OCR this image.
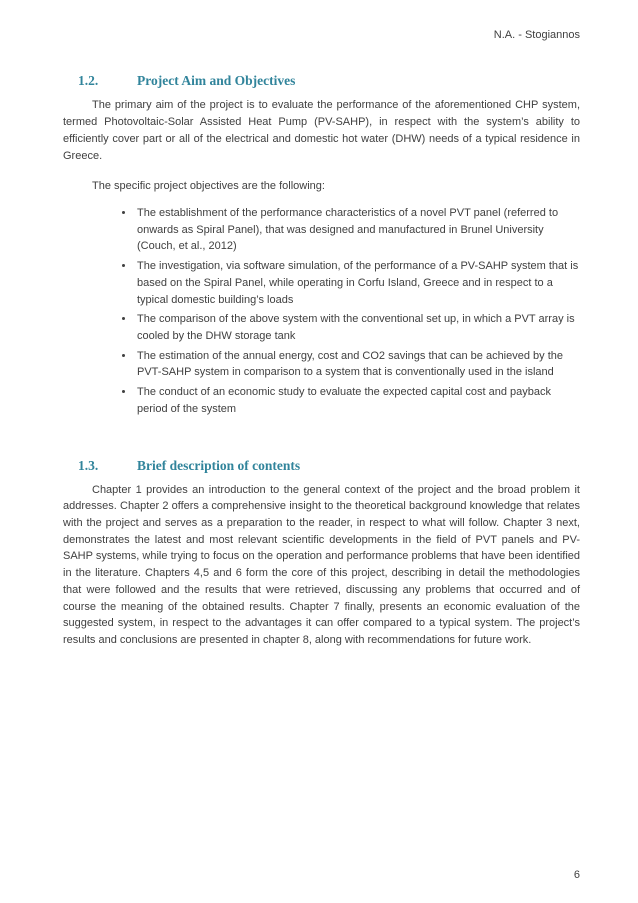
N.A. - Stogiannos
1.2.	Project Aim and Objectives

The primary aim of the project is to evaluate the performance of the aforementioned CHP system, termed Photovoltaic-Solar Assisted Heat Pump (PV-SAHP), in respect with the system’s ability to efficiently cover part or all of the electrical and domestic hot water (DHW) needs of a typical residence in Greece.

The specific project objectives are the following:

• The establishment of the performance characteristics of a novel PVT panel (referred to onwards as Spiral Panel), that was designed and manufactured in Brunel University (Couch, et al., 2012)
• The investigation, via software simulation, of the performance of a PV-SAHP system that is based on the Spiral Panel, while operating in Corfu Island, Greece and in respect to a typical domestic building’s loads
• The comparison of the above system with the conventional set up, in which a PVT array is cooled by the DHW storage tank
• The estimation of the annual energy, cost and CO2 savings that can be achieved by the PVT-SAHP system in comparison to a system that is conventionally used in the island
• The conduct of an economic study to evaluate the expected capital cost and payback period of the system
1.3.	Brief description of contents

Chapter 1 provides an introduction to the general context of the project and the broad problem it addresses. Chapter 2 offers a comprehensive insight to the theoretical background knowledge that relates with the project and serves as a preparation to the reader, in respect to what will follow. Chapter 3 next, demonstrates the latest and most relevant scientific developments in the field of PVT panels and PV-SAHP systems, while trying to focus on the operation and performance problems that have been identified in the literature. Chapters 4,5 and 6 form the core of this project, describing in detail the methodologies that were followed and the results that were retrieved, discussing any problems that occurred and of course the meaning of the obtained results. Chapter 7 finally, presents an economic evaluation of the suggested system, in respect to the advantages it can offer compared to a typical system. The project’s results and conclusions are presented in chapter 8, along with recommendations for future work.

6
